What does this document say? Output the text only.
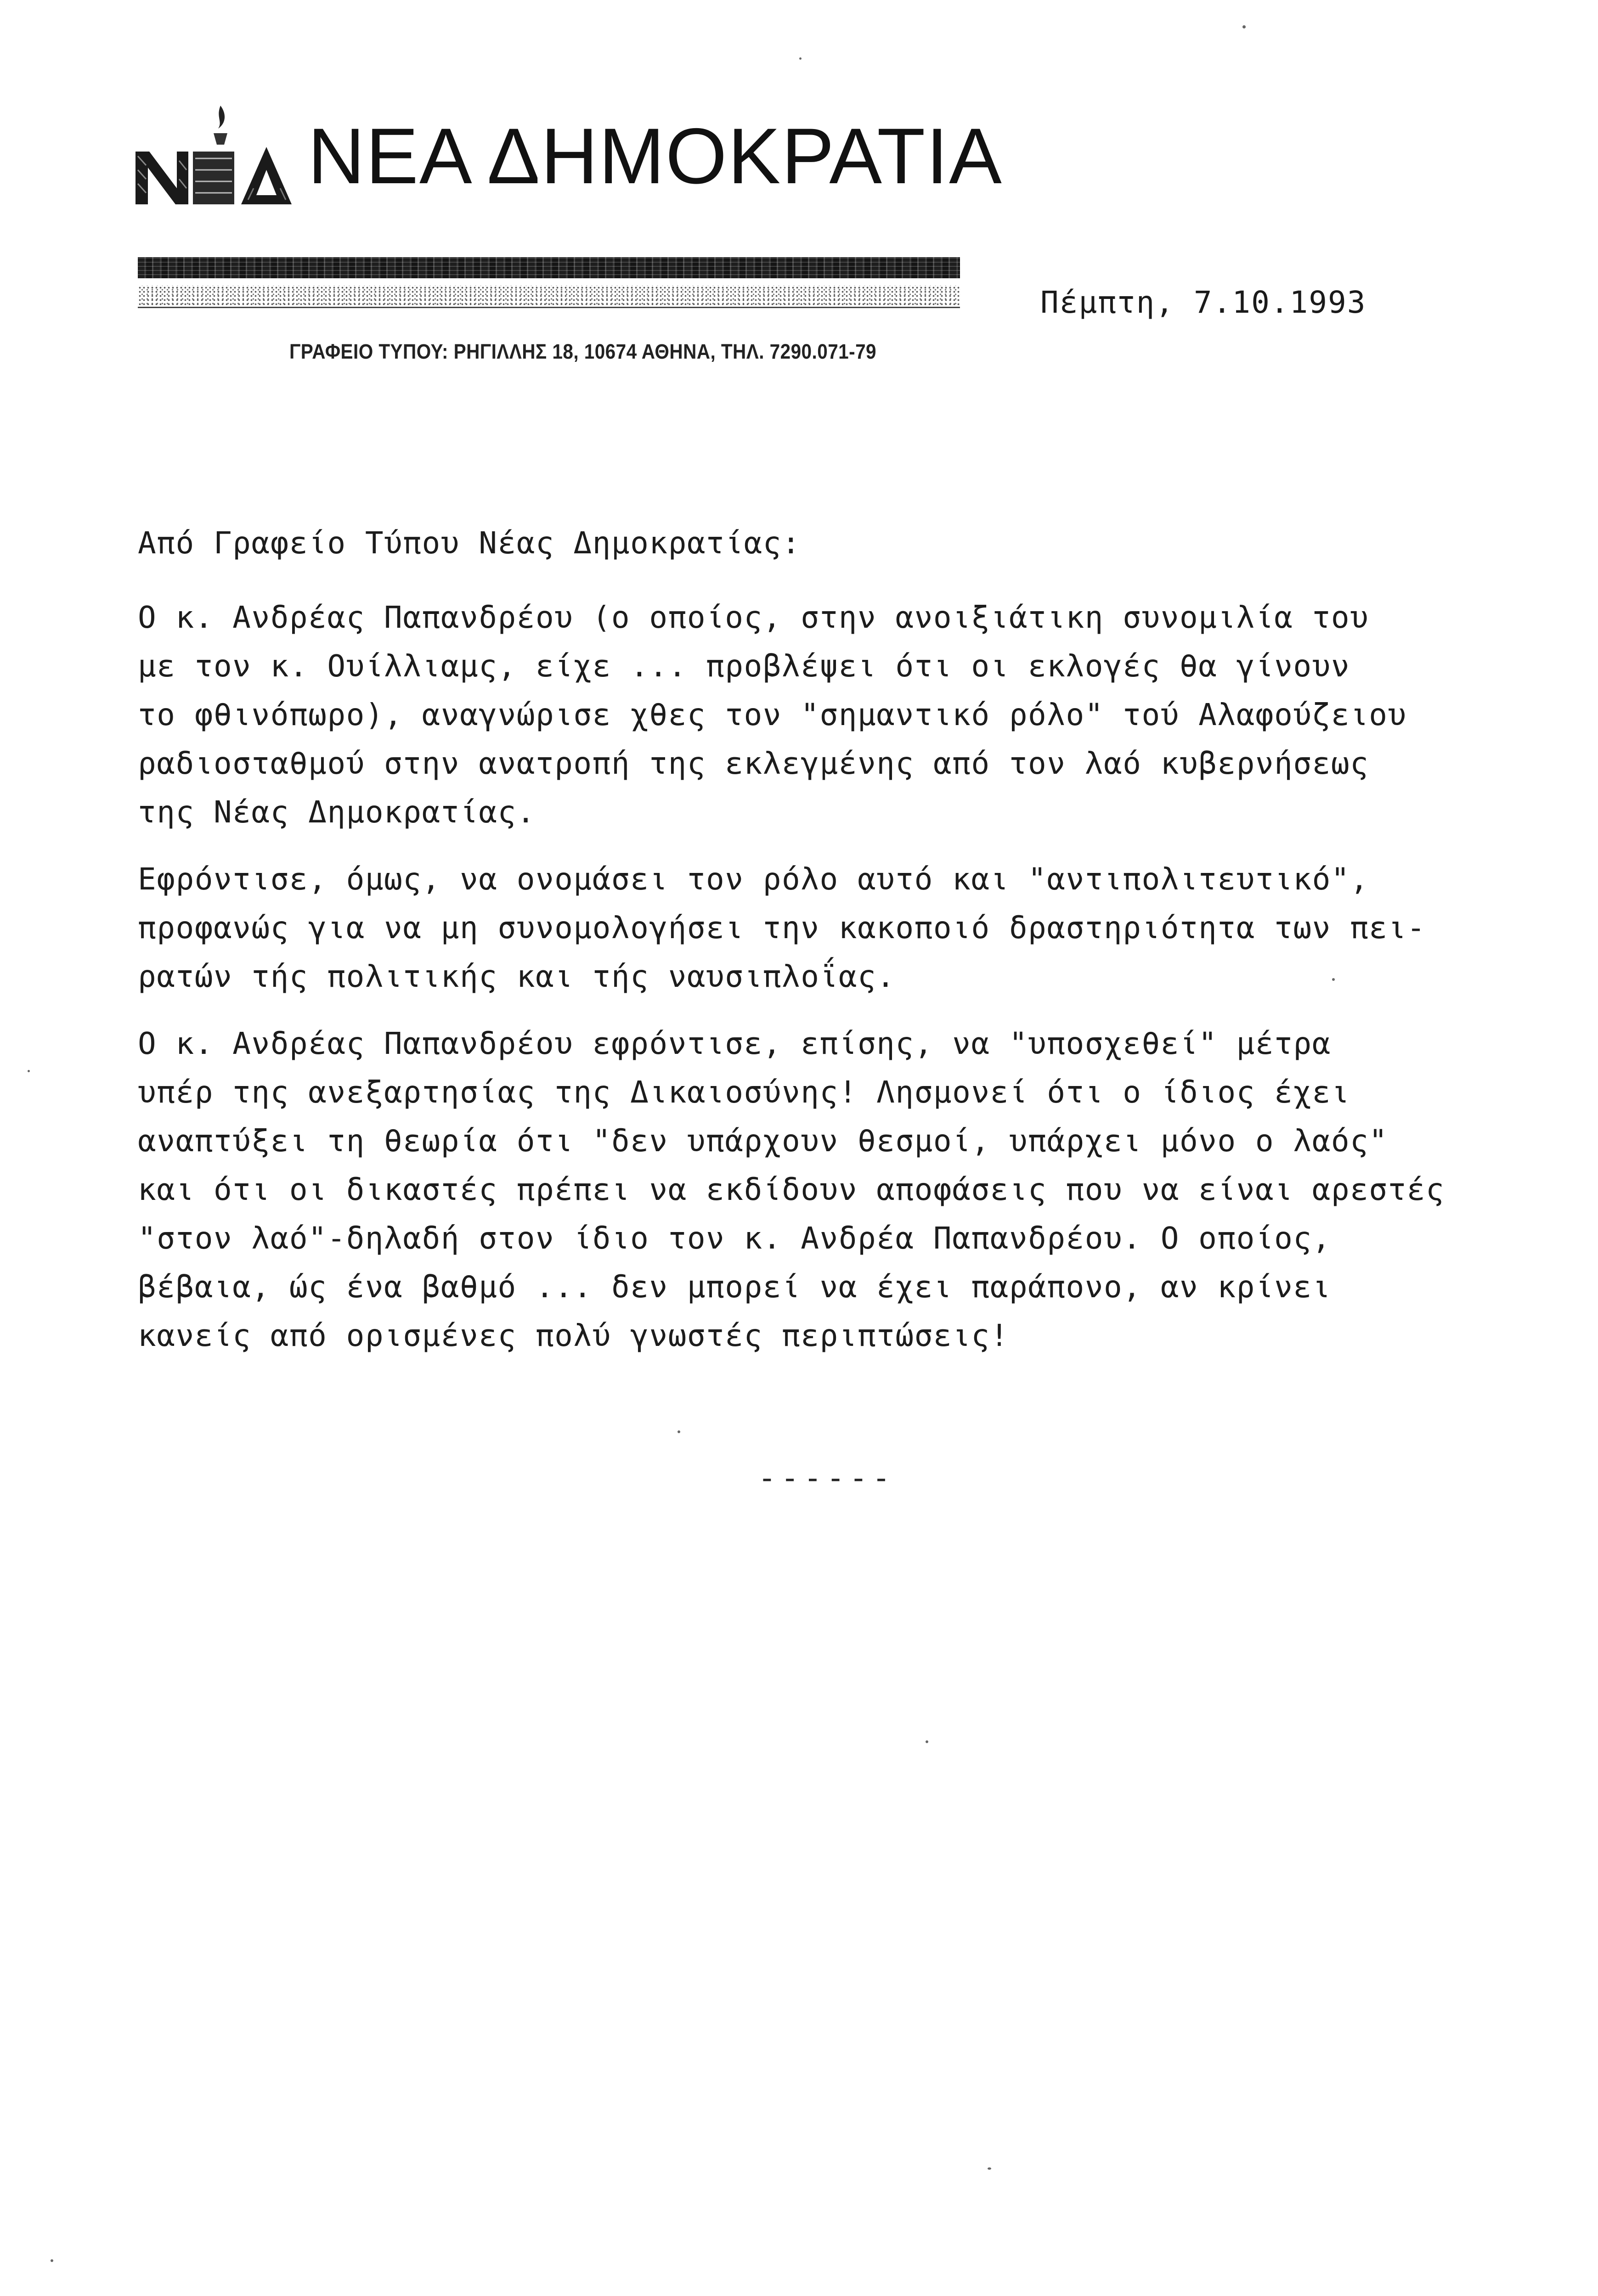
ΝΕΑ ΔΗΜΟΚΡΑΤΙΑ
ΓΡΑΦΕΙΟ ΤΥΠΟΥ: ΡΗΓΙΛΛΗΣ 18, 10674 ΑΘΗΝΑ, ΤΗΛ. 7290.071-79
Πέμπτη, 7.10.1993
Από Γραφείο Τύπου Νέας Δημοκρατίας:
Ο κ. Ανδρέας Παπανδρέου (ο οποίος, στην ανοιξιάτικη συνομιλία του
με τον κ. Ουίλλιαμς, είχε ... προβλέψει ότι οι εκλογές θα γίνουν
το φθινόπωρο), αναγνώρισε χθες τον "σημαντικό ρόλο" τού Αλαφούζειου
ραδιοσταθμού στην ανατροπή της εκλεγμένης από τον λαό κυβερνήσεως
της Νέας Δημοκρατίας.
Εφρόντισε, όμως, να ονομάσει τον ρόλο αυτό και "αντιπολιτευτικό",
προφανώς για να μη συνομολογήσει την κακοποιό δραστηριότητα των πει-
ρατών τής πολιτικής και τής ναυσιπλοΐας.
Ο κ. Ανδρέας Παπανδρέου εφρόντισε, επίσης, να "υποσχεθεί" μέτρα
υπέρ της ανεξαρτησίας της Δικαιοσύνης! Λησμονεί ότι ο ίδιος έχει
αναπτύξει τη θεωρία ότι "δεν υπάρχουν θεσμοί, υπάρχει μόνο ο λαός"
και ότι οι δικαστές πρέπει να εκδίδουν αποφάσεις που να είναι αρεστές
"στον λαό"-δηλαδή στον ίδιο τον κ. Ανδρέα Παπανδρέου. Ο οποίος,
βέβαια, ώς ένα βαθμό ... δεν μπορεί να έχει παράπονο, αν κρίνει
κανείς από ορισμένες πολύ γνωστές περιπτώσεις!
------
